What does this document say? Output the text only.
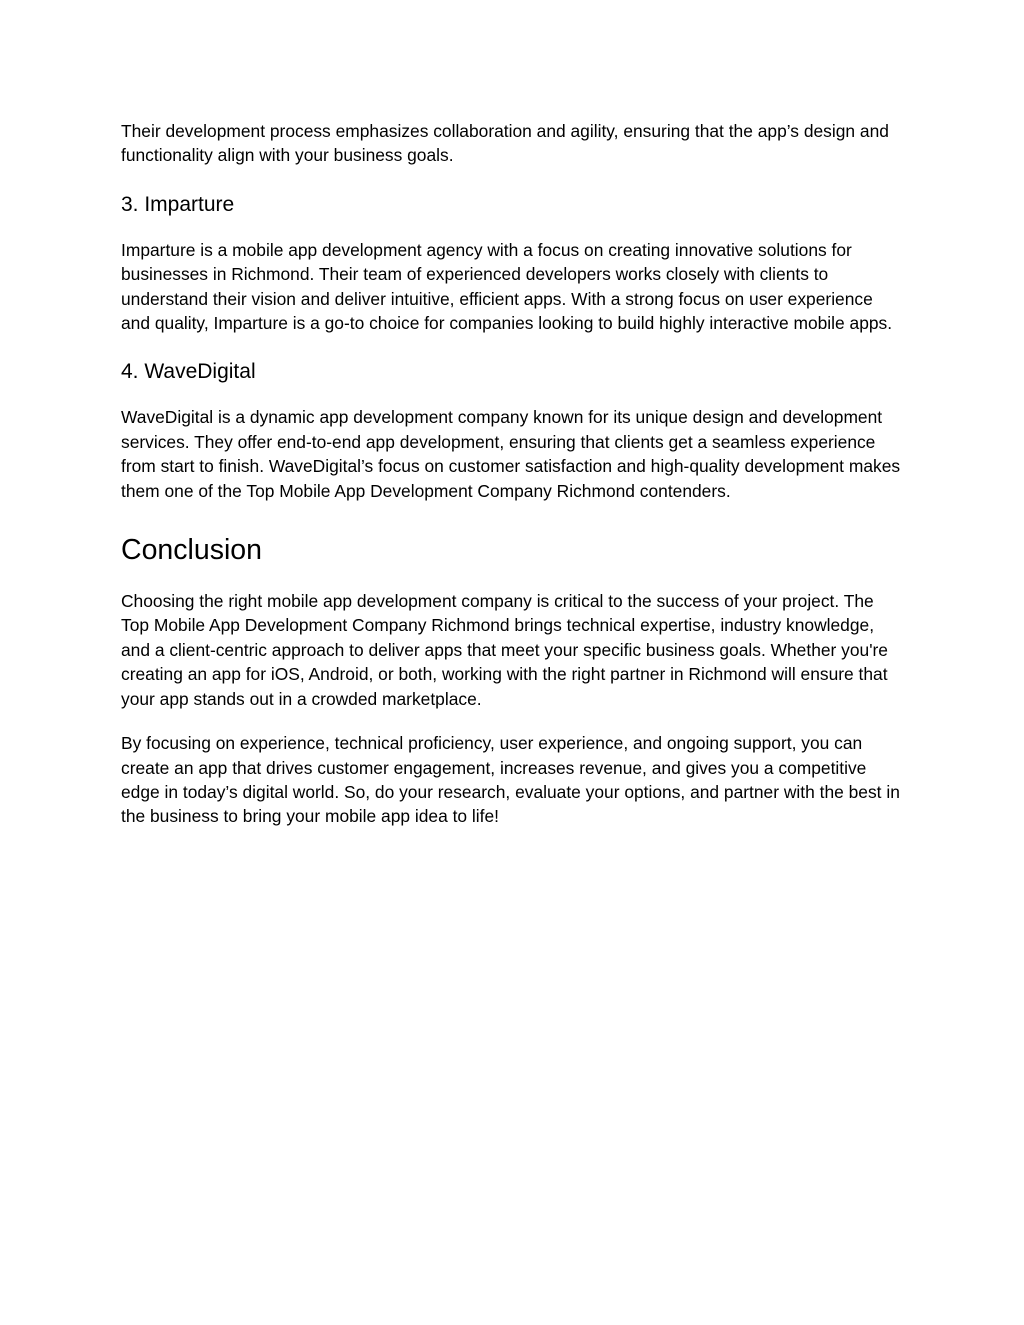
Their development process emphasizes collaboration and agility, ensuring that the app’s design and functionality align with your business goals.

3. Imparture

Imparture is a mobile app development agency with a focus on creating innovative solutions for businesses in Richmond. Their team of experienced developers works closely with clients to understand their vision and deliver intuitive, efficient apps. With a strong focus on user experience and quality, Imparture is a go-to choice for companies looking to build highly interactive mobile apps.

4. WaveDigital

WaveDigital is a dynamic app development company known for its unique design and development services. They offer end-to-end app development, ensuring that clients get a seamless experience from start to finish. WaveDigital’s focus on customer satisfaction and high-quality development makes them one of the Top Mobile App Development Company Richmond contenders.

Conclusion

Choosing the right mobile app development company is critical to the success of your project. The Top Mobile App Development Company Richmond brings technical expertise, industry knowledge, and a client-centric approach to deliver apps that meet your specific business goals. Whether you're creating an app for iOS, Android, or both, working with the right partner in Richmond will ensure that your app stands out in a crowded marketplace.

By focusing on experience, technical proficiency, user experience, and ongoing support, you can create an app that drives customer engagement, increases revenue, and gives you a competitive edge in today’s digital world. So, do your research, evaluate your options, and partner with the best in the business to bring your mobile app idea to life!
